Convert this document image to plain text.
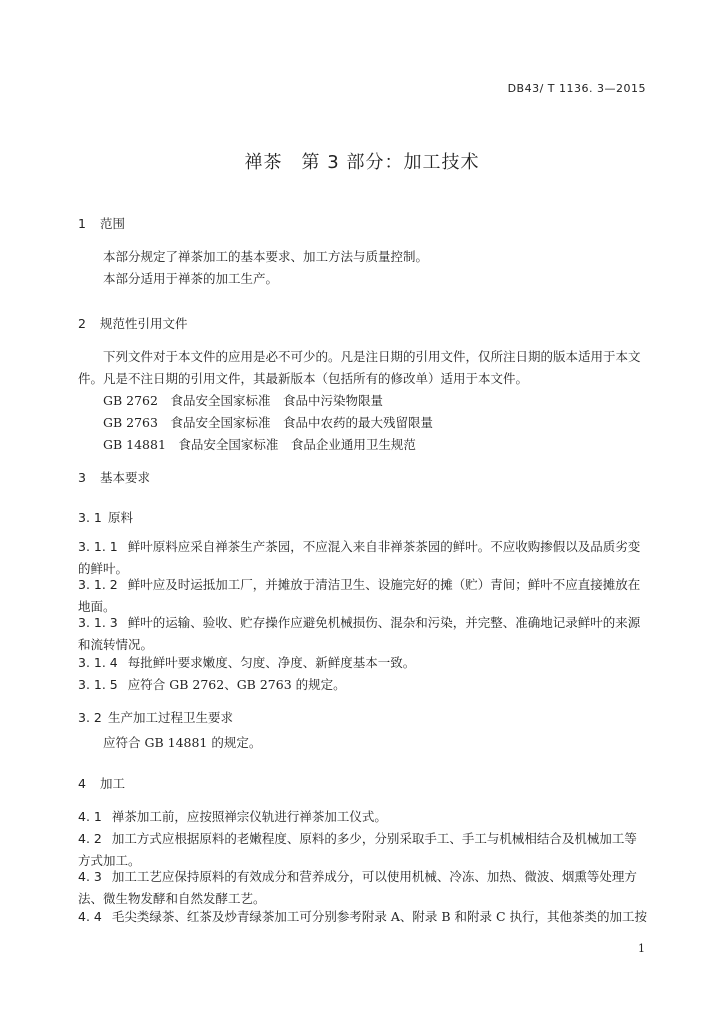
DB43/ T 1136. 3—2015
禅茶　第 3 部分：加工技术
1 范围
本部分规定了禅茶加工的基本要求、加工方法与质量控制。
本部分适用于禅茶的加工生产。
2 规范性引用文件
下列文件对于本文件的应用是必不可少的。凡是注日期的引用文件，仅所注日期的版本适用于本文件。凡是不注日期的引用文件，其最新版本（包括所有的修改单）适用于本文件。
GB 2762　食品安全国家标准　食品中污染物限量
GB 2763　食品安全国家标准　食品中农药的最大残留限量
GB 14881　食品安全国家标准　食品企业通用卫生规范
3 基本要求
3. 1 原料
3. 1. 1 鲜叶原料应采自禅茶生产茶园，不应混入来自非禅茶茶园的鲜叶。不应收购掺假以及品质劣变的鲜叶。
3. 1. 2 鲜叶应及时运抵加工厂，并摊放于清洁卫生、设施完好的摊（贮）青间；鲜叶不应直接摊放在地面。
3. 1. 3 鲜叶的运输、验收、贮存操作应避免机械损伤、混杂和污染，并完整、准确地记录鲜叶的来源和流转情况。
3. 1. 4 每批鲜叶要求嫩度、匀度、净度、新鲜度基本一致。
3. 1. 5 应符合 GB 2762、GB 2763 的规定。
3. 2 生产加工过程卫生要求
应符合 GB 14881 的规定。
4 加工
4. 1 禅茶加工前，应按照禅宗仪轨进行禅茶加工仪式。
4. 2 加工方式应根据原料的老嫩程度、原料的多少，分别采取手工、手工与机械相结合及机械加工等方式加工。
4. 3 加工工艺应保持原料的有效成分和营养成分，可以使用机械、冷冻、加热、微波、烟熏等处理方法、微生物发酵和自然发酵工艺。
4. 4 毛尖类绿茶、红茶及炒青绿茶加工可分别参考附录 A、附录 B 和附录 C 执行，其他茶类的加工按
1
